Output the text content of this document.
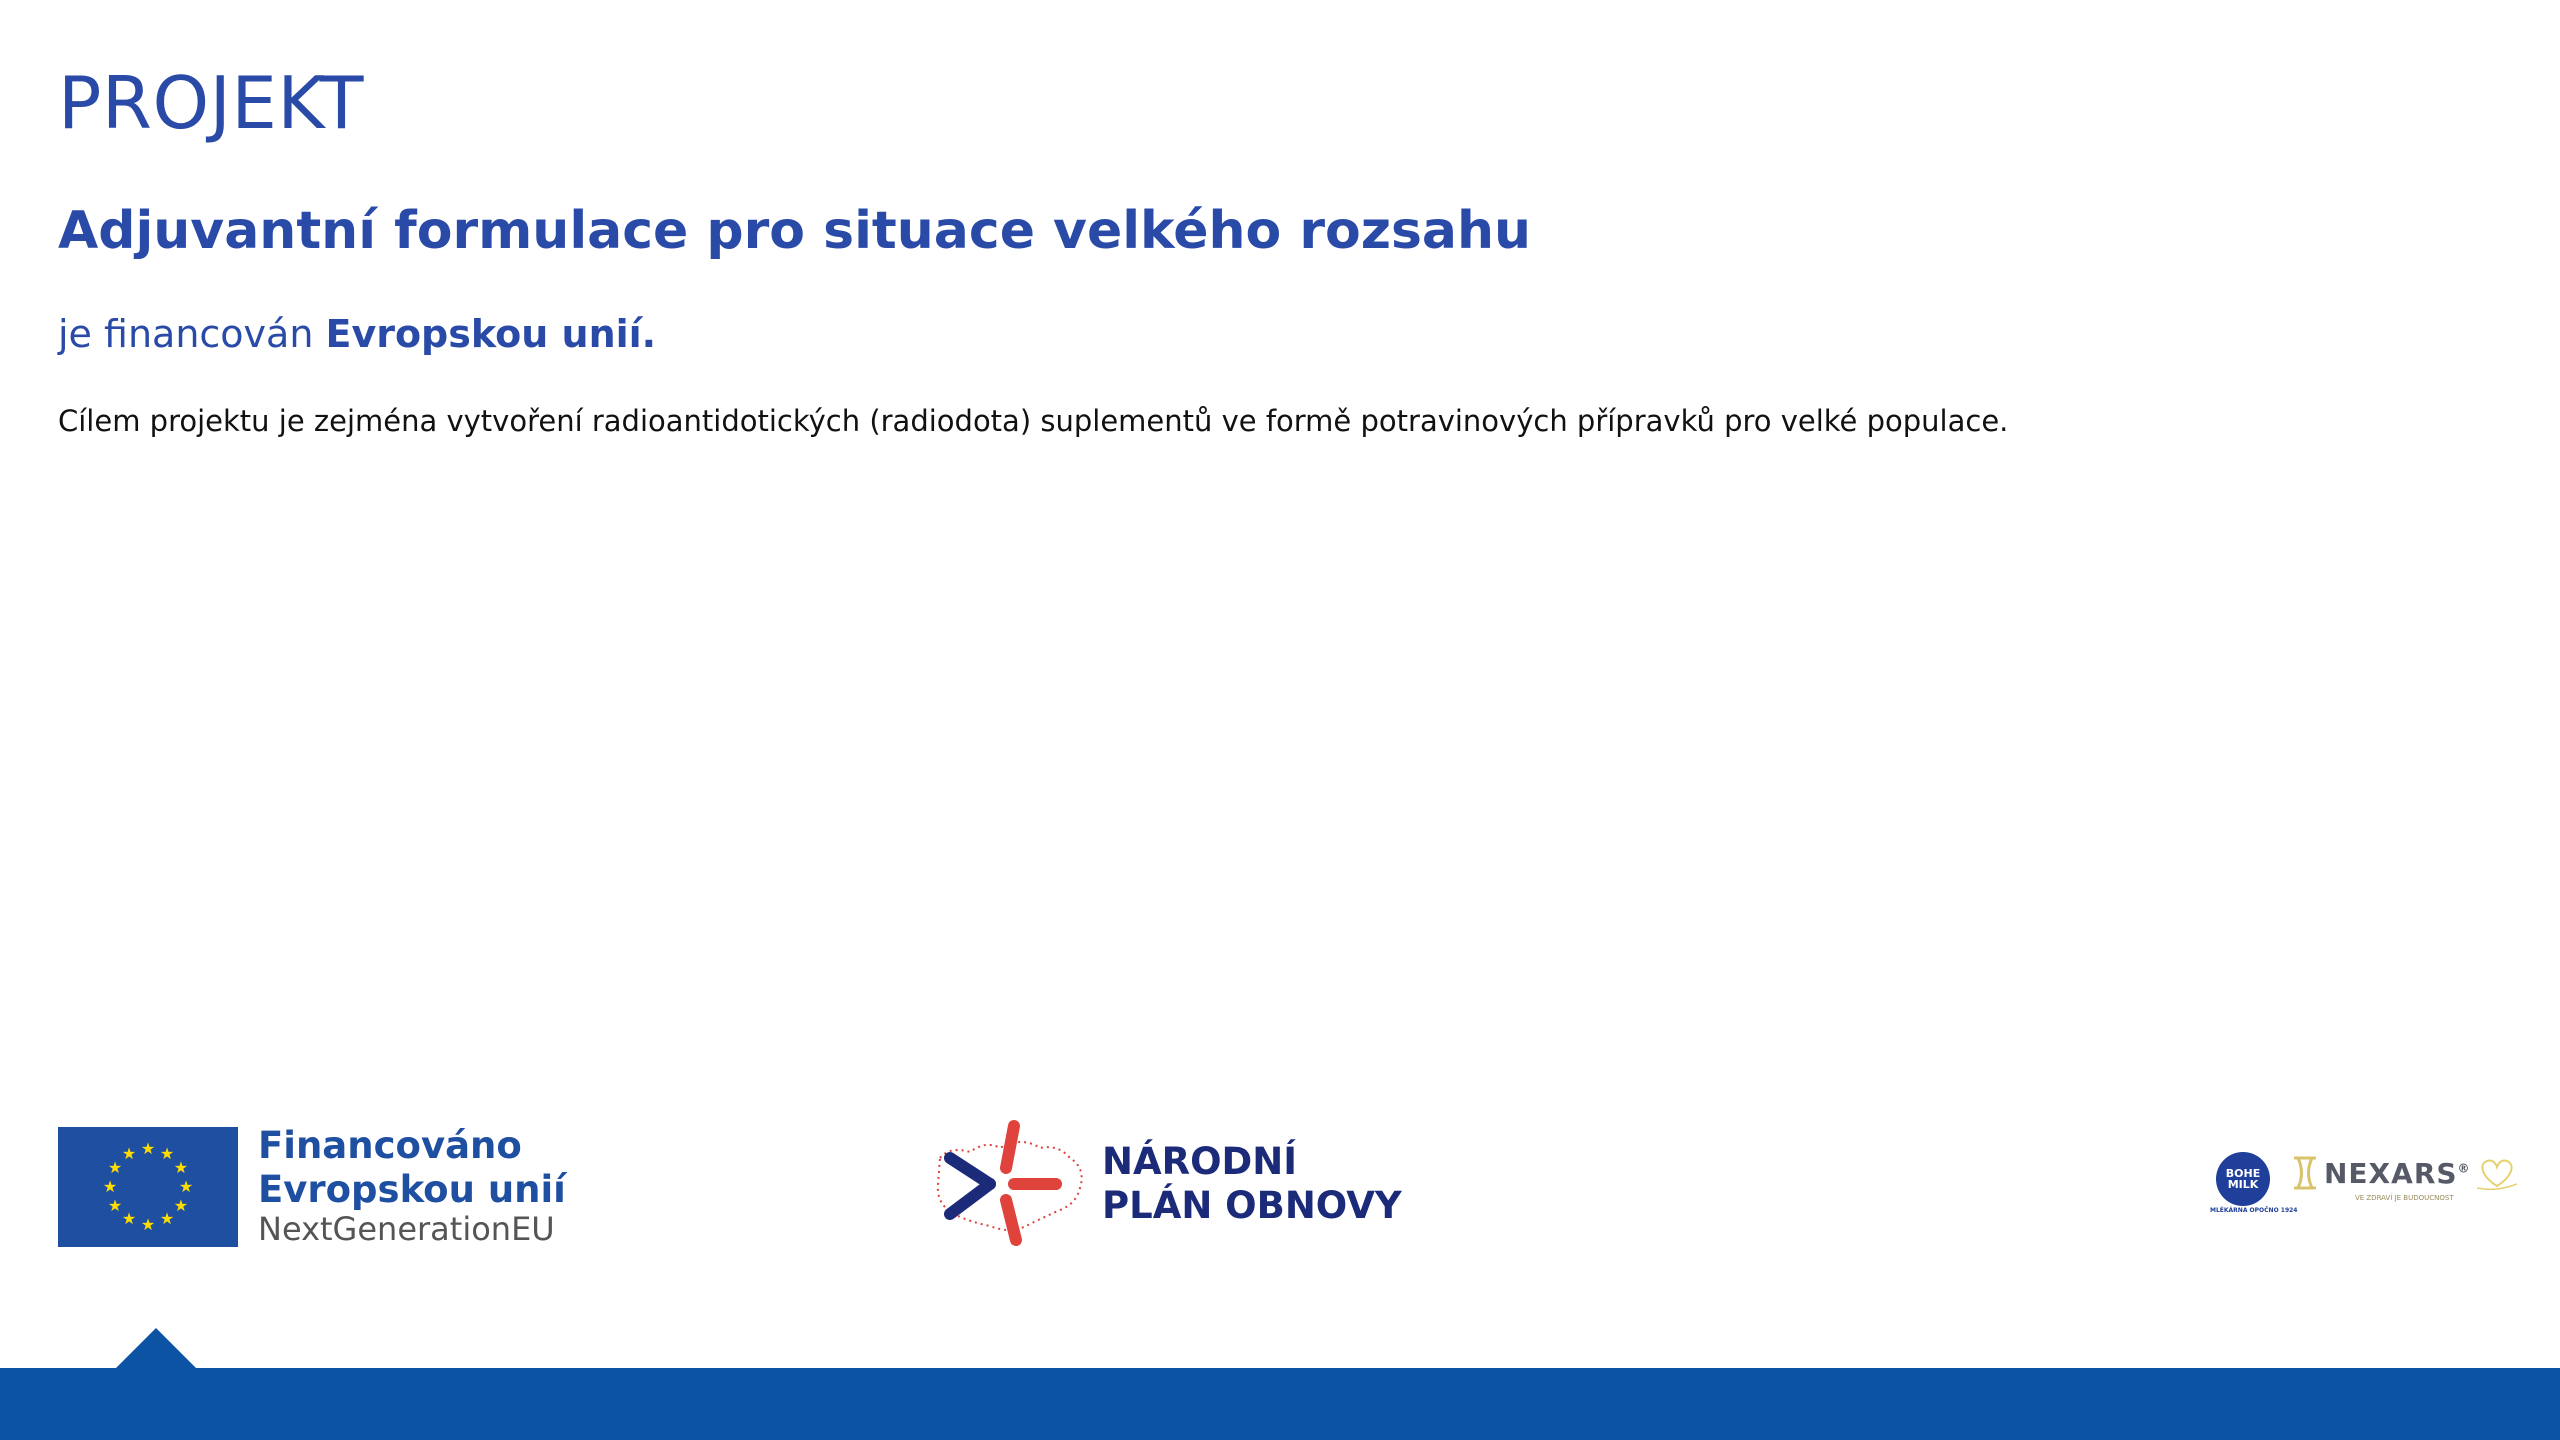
PROJEKT
Adjuvantní formulace pro situace velkého rozsahu
je financován Evropskou unií.
Cílem projektu je zejména vytvoření radioantidotických (radiodota) suplementů ve formě potravinových přípravků pro velké populace.
★ ★
★
★
★
★
★
★
★
★
★
★	Financováno
Evropskou unií
NextGenerationEU
NÁRODNÍ
PLÁN OBNOVY
BOHE MILK
MLÉKÁRNA OPOČNO 1924
NEXARS®
VE ZDRAVÍ JE BUDOUCNOST
